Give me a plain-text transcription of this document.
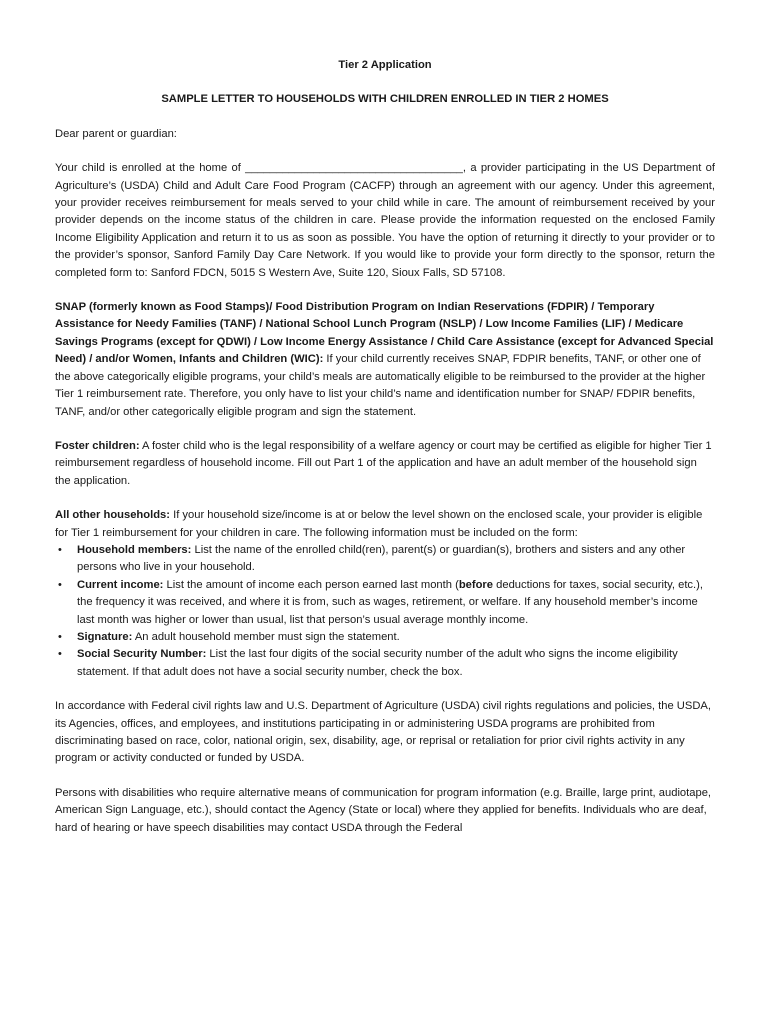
Tier 2 Application

SAMPLE LETTER TO HOUSEHOLDS WITH CHILDREN ENROLLED IN TIER 2 HOMES

Dear parent or guardian:

Your child is enrolled at the home of ___________________________________, a provider participating in the US Department of Agriculture’s (USDA) Child and Adult Care Food Program (CACFP) through an agreement with our agency. Under this agreement, your provider receives reimbursement for meals served to your child while in care. The amount of reimbursement received by your provider depends on the income status of the children in care. Please provide the information requested on the enclosed Family Income Eligibility Application and return it to us as soon as possible. You have the option of returning it directly to your provider or to the provider’s sponsor, Sanford Family Day Care Network. If you would like to provide your form directly to the sponsor, return the completed form to: Sanford FDCN, 5015 S Western Ave, Suite 120, Sioux Falls, SD 57108.

SNAP (formerly known as Food Stamps)/ Food Distribution Program on Indian Reservations (FDPIR) / Temporary Assistance for Needy Families (TANF) / National School Lunch Program (NSLP) / Low Income Families (LIF) / Medicare Savings Programs (except for QDWI) / Low Income Energy Assistance / Child Care Assistance (except for Advanced Special Need) / and/or Women, Infants and Children (WIC): If your child currently receives SNAP, FDPIR benefits, TANF, or other one of the above categorically eligible programs, your child’s meals are automatically eligible to be reimbursed to the provider at the higher Tier 1 reimbursement rate. Therefore, you only have to list your child’s name and identification number for SNAP/ FDPIR benefits, TANF, and/or other categorically eligible program and sign the statement.

Foster children: A foster child who is the legal responsibility of a welfare agency or court may be certified as eligible for higher Tier 1 reimbursement regardless of household income. Fill out Part 1 of the application and have an adult member of the household sign the application.

All other households: If your household size/income is at or below the level shown on the enclosed scale, your provider is eligible for Tier 1 reimbursement for your children in care. The following information must be included on the form:

• Household members: List the name of the enrolled child(ren), parent(s) or guardian(s), brothers and sisters and any other persons who live in your household.
• Current income: List the amount of income each person earned last month (before deductions for taxes, social security, etc.), the frequency it was received, and where it is from, such as wages, retirement, or welfare. If any household member’s income last month was higher or lower than usual, list that person’s usual average monthly income.
• Signature: An adult household member must sign the statement.
• Social Security Number: List the last four digits of the social security number of the adult who signs the income eligibility statement. If that adult does not have a social security number, check the box.

In accordance with Federal civil rights law and U.S. Department of Agriculture (USDA) civil rights regulations and policies, the USDA, its Agencies, offices, and employees, and institutions participating in or administering USDA programs are prohibited from discriminating based on race, color, national origin, sex, disability, age, or reprisal or retaliation for prior civil rights activity in any program or activity conducted or funded by USDA.

Persons with disabilities who require alternative means of communication for program information (e.g. Braille, large print, audiotape, American Sign Language, etc.), should contact the Agency (State or local) where they applied for benefits. Individuals who are deaf, hard of hearing or have speech disabilities may contact USDA through the Federal
